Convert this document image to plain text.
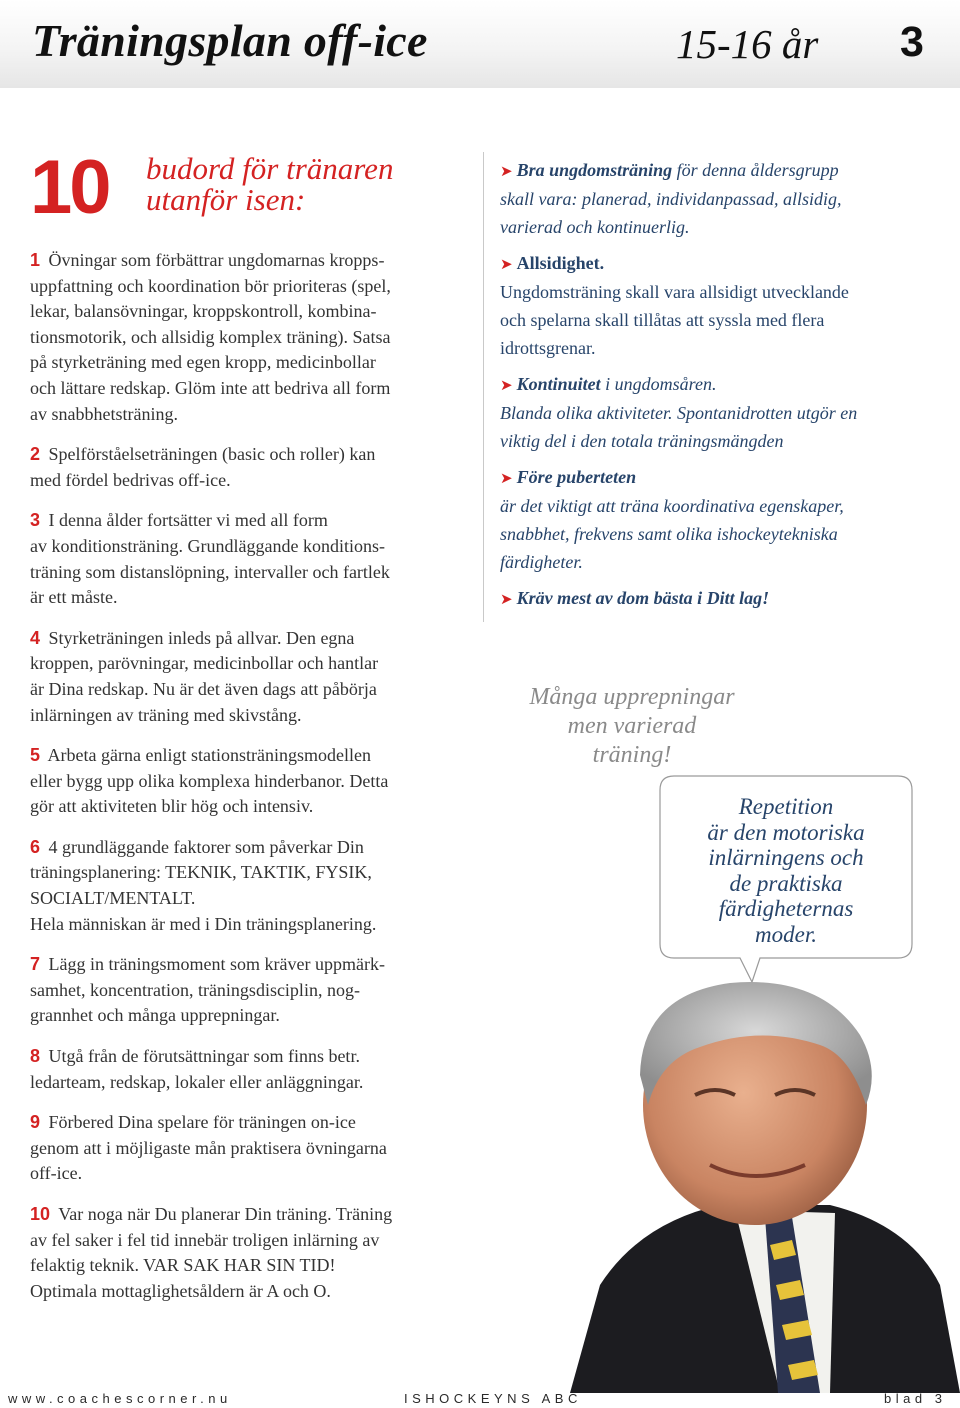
Träningsplan off-ice	15-16 år 3
10 budord för tränaren utanför isen:

1 Övningar som förbättrar ungdomarnas kropps-
uppfattning och koordination bör prioriteras (spel,
lekar, balansövningar, kroppskontroll, kombina-
tionsmotorik, och allsidig komplex träning). Satsa
på styrketräning med egen kropp, medicinbollar
och lättare redskap. Glöm inte att bedriva all form
av snabbhetsträning.

2 Spelförståelseträningen (basic och roller) kan
med fördel bedrivas off-ice.

3 I denna ålder fortsätter vi med all form
av konditionsträning. Grundläggande konditions-
träning som distanslöpning, intervaller och fartlek
är ett måste.

4 Styrketräningen inleds på allvar. Den egna
kroppen, parövningar, medicinbollar och hantlar
är Dina redskap. Nu är det även dags att påbörja
inlärningen av träning med skivstång.

5 Arbeta gärna enligt stationsträningsmodellen
eller bygg upp olika komplexa hinderbanor. Detta
gör att aktiviteten blir hög och intensiv.

6 4 grundläggande faktorer som påverkar Din
träningsplanering: TEKNIK, TAKTIK, FYSIK,
SOCIALT/MENTALT.
Hela människan är med i Din träningsplanering.

7 Lägg in träningsmoment som kräver uppmärk-
samhet, koncentration, träningsdisciplin, nog-
grannhet och många upprepningar.

8 Utgå från de förutsättningar som finns betr.
ledarteam, redskap, lokaler eller anläggningar.

9 Förbered Dina spelare för träningen on-ice
genom att i möjligaste mån praktisera övningarna
off-ice.

10 Var noga när Du planerar Din träning. Träning
av fel saker i fel tid innebär troligen inlärning av
felaktig teknik. VAR SAK HAR SIN TID!
Optimala mottaglighetsåldern är A och O.

➤ Bra ungdomsträning för denna åldersgrupp
skall vara: planerad, individanpassad, allsidig,
varierad och kontinuerlig.
➤ Allsidighet.
Ungdomsträning skall vara allsidigt utvecklande
och spelarna skall tillåtas att syssla med flera
idrottsgrenar.
➤ Kontinuitet i ungdomsåren.
Blanda olika aktiviteter. Spontanidrotten utgör en
viktig del i den totala träningsmängden
➤ Före puberteten
är det viktigt att träna koordinativa egenskaper,
snabbhet, frekvens samt olika ishockeytekniska
färdigheter.
➤ Kräv mest av dom bästa i Ditt lag!
Många upprepningar
men varierad
träning!
Repetition
är den motoriska
inlärningens och
de praktiska
färdigheternas
moder.
www.coachescorner.nu	ISHOCKEYNS ABC	blad 3
